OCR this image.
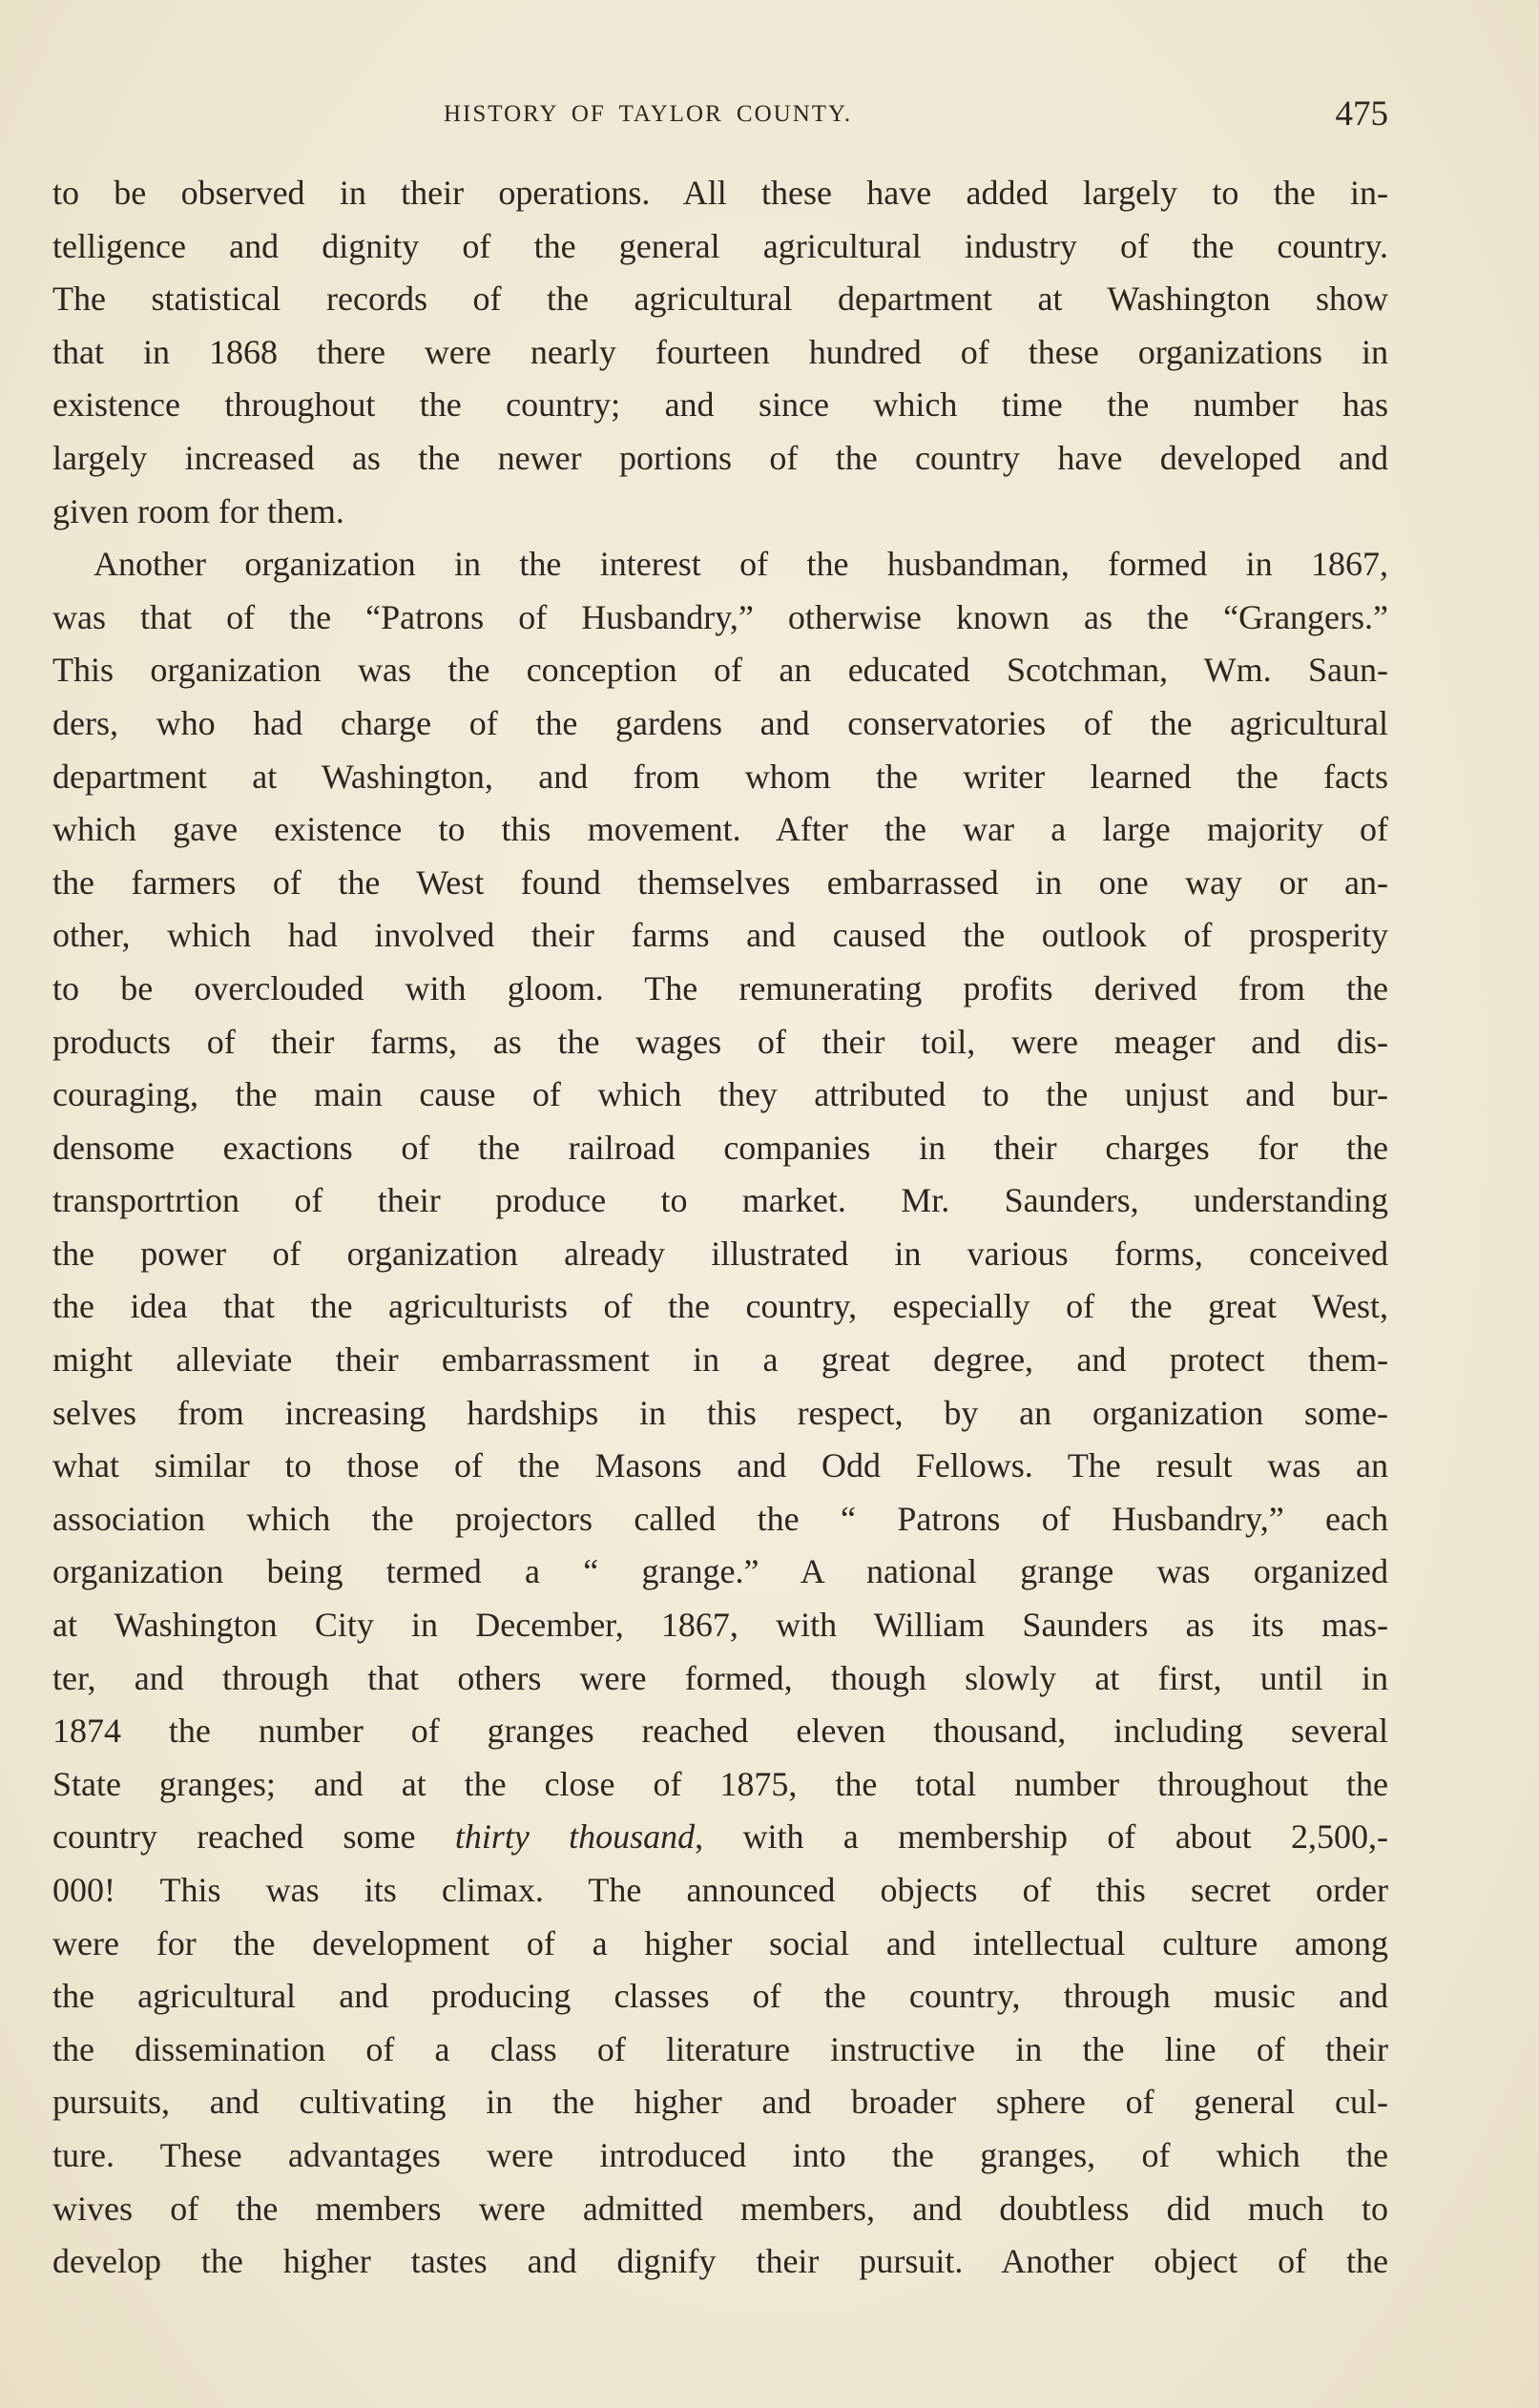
HISTORY OF TAYLOR COUNTY.	475
to be observed in their operations. All these have added largely to the in-
telligence and dignity of the general agricultural industry of the country.
The statistical records of the agricultural department at Washington show
that in 1868 there were nearly fourteen hundred of these organizations in
existence throughout the country; and since which time the number has
largely increased as the newer portions of the country have developed and
given room for them.
Another organization in the interest of the husbandman, formed in 1867,
was that of the “Patrons of Husbandry,” otherwise known as the “Grangers.”
This organization was the conception of an educated Scotchman, Wm. Saun-
ders, who had charge of the gardens and conservatories of the agricultural
department at Washington, and from whom the writer learned the facts
which gave existence to this movement. After the war a large majority of
the farmers of the West found themselves embarrassed in one way or an-
other, which had involved their farms and caused the outlook of prosperity
to be overclouded with gloom. The remunerating profits derived from the
products of their farms, as the wages of their toil, were meager and dis-
couraging, the main cause of which they attributed to the unjust and bur-
densome exactions of the railroad companies in their charges for the
transportrtion of their produce to market. Mr. Saunders, understanding
the power of organization already illustrated in various forms, conceived
the idea that the agriculturists of the country, especially of the great West,
might alleviate their embarrassment in a great degree, and protect them-
selves from increasing hardships in this respect, by an organization some-
what similar to those of the Masons and Odd Fellows. The result was an
association which the projectors called the “ Patrons of Husbandry,” each
organization being termed a “ grange.” A national grange was organized
at Washington City in December, 1867, with William Saunders as its mas-
ter, and through that others were formed, though slowly at first, until in
1874 the number of granges reached eleven thousand, including several
State granges; and at the close of 1875, the total number throughout the
country reached some thirty thousand, with a membership of about 2,500,-
000! This was its climax. The announced objects of this secret order
were for the development of a higher social and intellectual culture among
the agricultural and producing classes of the country, through music and
the dissemination of a class of literature instructive in the line of their
pursuits, and cultivating in the higher and broader sphere of general cul-
ture. These advantages were introduced into the granges, of which the
wives of the members were admitted members, and doubtless did much to
develop the higher tastes and dignify their pursuit. Another object of the
